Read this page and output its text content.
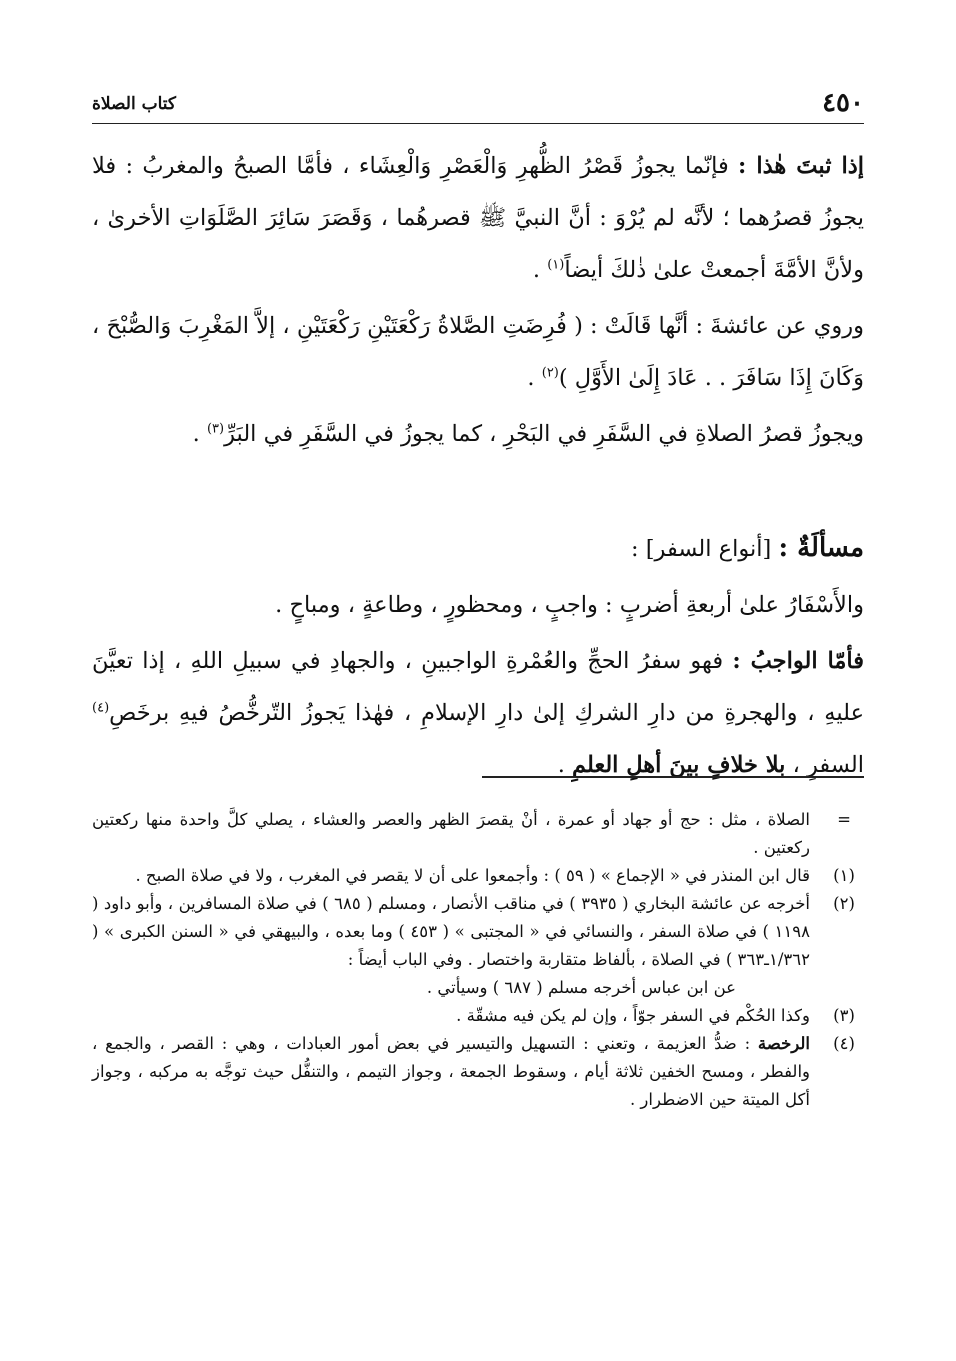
٤٥٠
كتاب الصلاة

إذا ثبتَ هٰذا : فإنّما يجوزُ قَصْرُ الظُّهرِ وَالْعَصْرِ وَالْعِشَاء ، فأمَّا الصبحُ والمغربُ : فلا يجوزُ قصرُهما ؛ لأنَّه لم يُرْوَ : أنَّ النبيَّ ﷺ قصرهُما ، وَقَصَرَ سَائِرَ الصَّلَوَاتِ الأخرىٰ ، ولأنَّ الأمَّةَ أجمعتْ علىٰ ذٰلكَ أيضاً$^{(١)}$ .

وروي عن عائشةَ : أنَّها قَالَتْ : ( فُرِضَتِ الصَّلاةُ رَكْعَتَيْنِ رَكْعَتَيْنِ ، إلاَّ المَغْرِبَ وَالصُّبْحَ ، وَكَانَ إِذَا سَافَرَ . . عَادَ إِلَىٰ الأَوَّلِ )$^{(٢)}$ .

ويجوزُ قصرُ الصلاةِ في السَّفَرِ في البَحْرِ ، كما يجوزُ في السَّفَرِ في البَرِّ$^{(٣)}$ .

مسألَةٌ : [أنواع السفر] :

والأَسْفَارُ علىٰ أربعةِ أضربٍ : واجبٍ ، ومحظورٍ ، وطاعةٍ ، ومباحٍ .

فأمّا الواجبُ : فهو سفرُ الحجِّ والعُمْرةِ الواجبينِ ، والجهادِ في سبيلِ اللهِ ، إذا تعيَّنَ عليهِ ، والهجرةِ من دارِ الشركِ إلىٰ دارِ الإسلامِ ، فهٰذا يَجوزُ التّرخُّصُ فيهِ برخَصِ$^{(٤)}$ السفرِ ، بلا خلافٍ بينَ أهلِ العلمِ .

=
الصلاة ، مثل : حج أو جهاد أو عمرة ، أنْ يقصرَ الظهر والعصر والعشاء ، يصلي كلَّ واحدة منها ركعتين ركعتين .
(١)
قال ابن المنذر في « الإجماع » ( ٥٩ ) : وأجمعوا على أن لا يقصر في المغرب ، ولا في صلاة الصبح .
(٢)
أخرجه عن عائشة البخاري ( ٣٩٣٥ ) في مناقب الأنصار ، ومسلم ( ٦٨٥ ) في صلاة المسافرين ، وأبو داود ( ١١٩٨ ) في صلاة السفر ، والنسائي في « المجتبى » ( ٤٥٣ ) وما بعده ، والبيهقي في « السنن الكبرى » ( ١/٣٦٢ـ٣٦٣ ) في الصلاة ، بألفاظ متقاربة واختصار . وفي الباب أيضاً :
عن ابن عباس أخرجه مسلم ( ٦٨٧ ) وسيأتي .
(٣)
وكذا الحُكْم في السفر جوّاً ، وإن لم يكن فيه مشقّة .
(٤)
الرخصة : ضدُّ العزيمة ، وتعني : التسهيل والتيسير في بعض أمور العبادات ، وهي : القصر ، والجمع ، والفطر ، ومسح الخفين ثلاثة أيام ، وسقوط الجمعة ، وجواز التيمم ، والتنفُّل حيث توجَّه به مركبه ، وجواز أكل الميتة حين الاضطرار .
